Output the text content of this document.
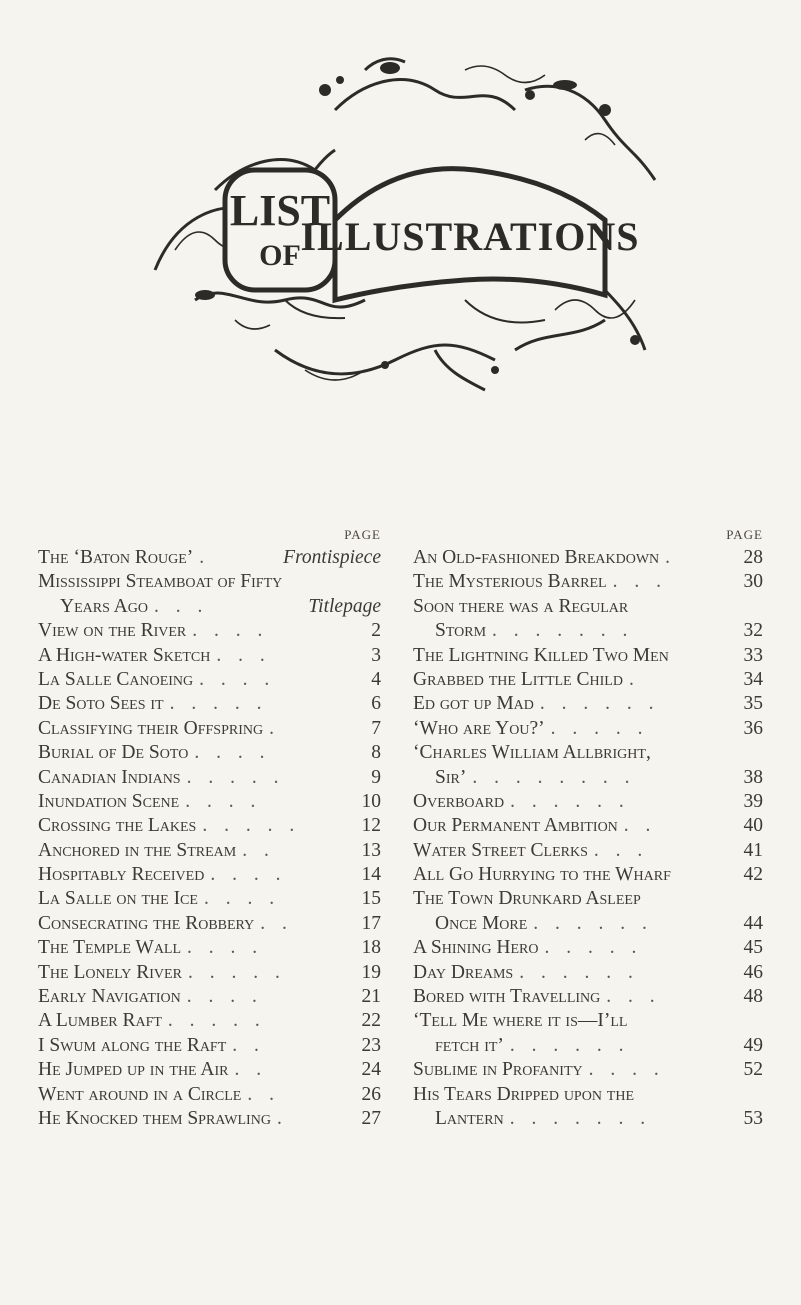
LIST
OF ILLUSTRATIONS
PAGE
The ‘Baton Rouge’ .	Frontispiece
Mississippi Steamboat of Fifty
Years Ago . . .	Titlepage
View on the River . . . .	2
A High-water Sketch . . .	3
La Salle Canoeing . . . .	4
De Soto Sees it . . . . .	6
Classifying their Offspring .	7
Burial of De Soto . . . .	8
Canadian Indians . . . . .	9
Inundation Scene . . . .	10
Crossing the Lakes . . . . .	12
Anchored in the Stream . .	13
Hospitably Received . . . .	14
La Salle on the Ice . . . .	15
Consecrating the Robbery . .	17
The Temple Wall . . . .	18
The Lonely River . . . . .	19
Early Navigation . . . .	21
A Lumber Raft . . . . .	22
I Swum along the Raft . .	23
He Jumped up in the Air . .	24
Went around in a Circle . .	26
He Knocked them Sprawling .	27
PAGE
An Old-fashioned Breakdown .	28
The Mysterious Barrel . . .	30
Soon there was a Regular
Storm . . . . . . .	32
The Lightning Killed Two Men	33
Grabbed the Little Child .	34
Ed got up Mad . . . . . .	35
‘Who are You?’ . . . . .	36
‘Charles William Allbright,
Sir’ . . . . . . . .	38
Overboard . . . . . .	39
Our Permanent Ambition . .	40
Water Street Clerks . . .	41
All Go Hurrying to the Wharf	42
The Town Drunkard Asleep
Once More . . . . . .	44
A Shining Hero . . . . .	45
Day Dreams . . . . . .	46
Bored with Travelling . . .	48
‘Tell Me where it is—I’ll
fetch it’ . . . . . .	49
Sublime in Profanity . . . .	52
His Tears Dripped upon the
Lantern . . . . . . .	53
